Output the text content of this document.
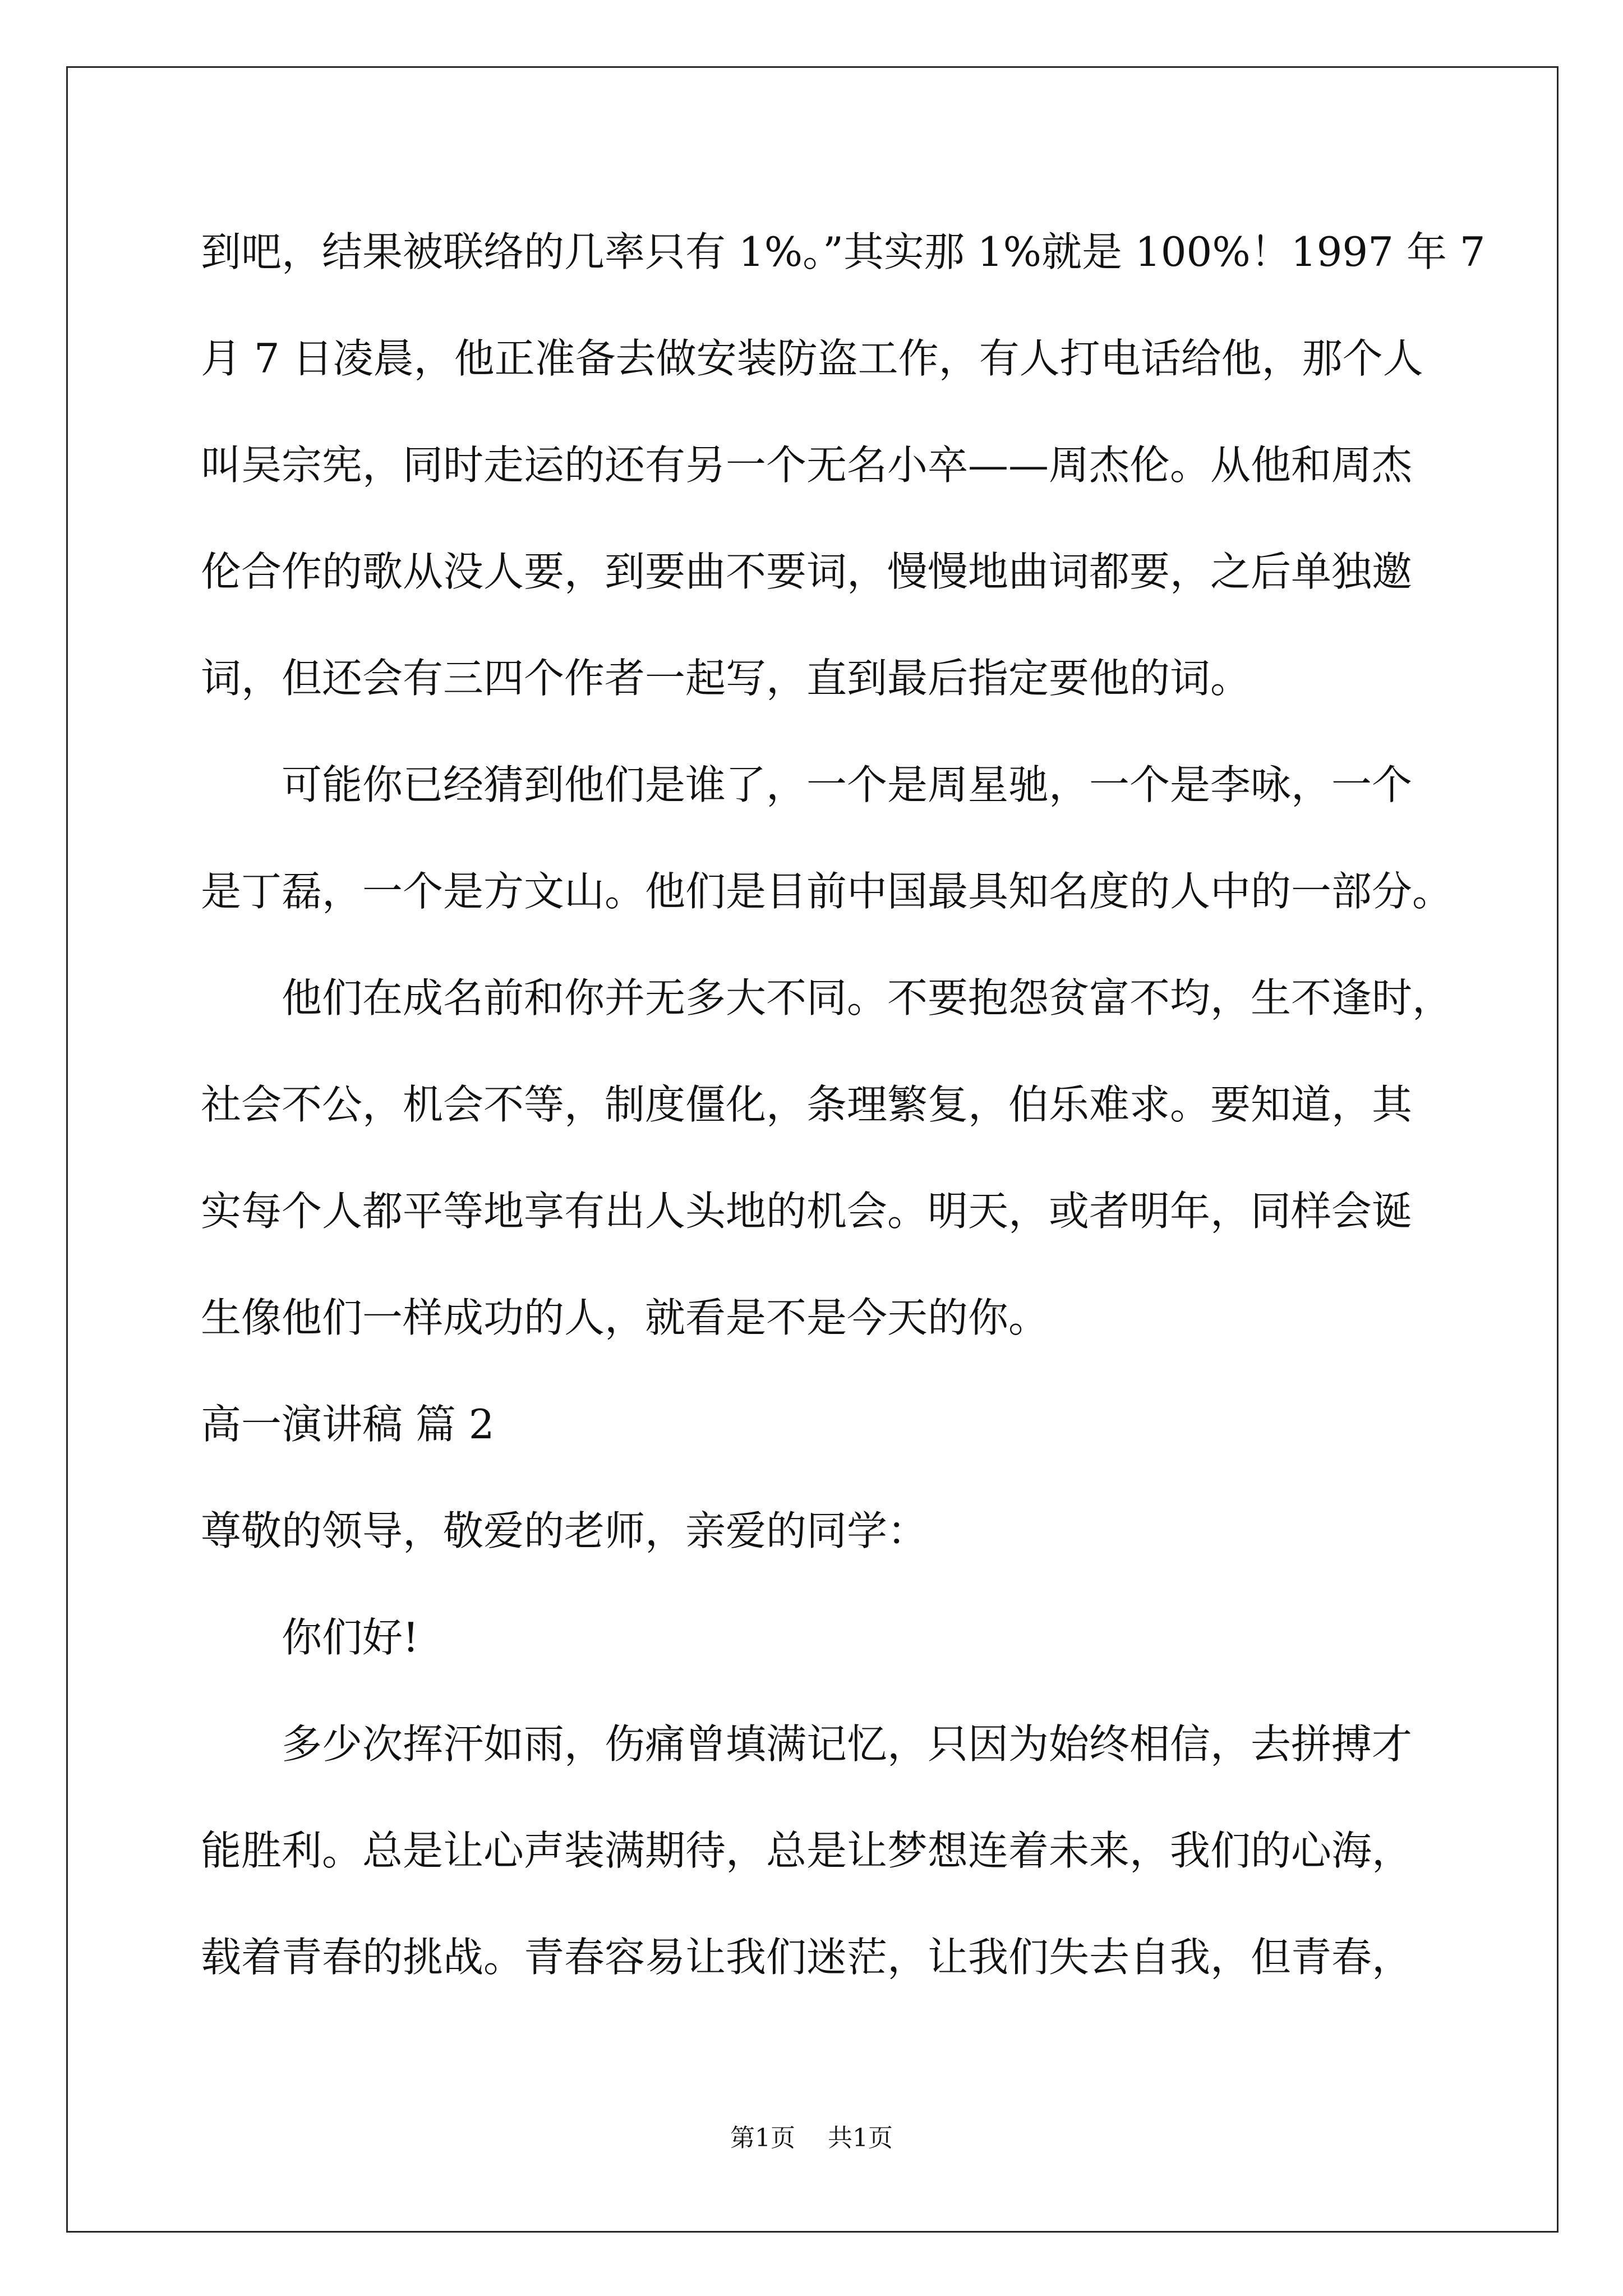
到吧，结果被联络的几率只有 1%。”其实那 1%就是 100%！1997 年 7
月 7 日凌晨，他正准备去做安装防盗工作，有人打电话给他，那个人
叫吴宗宪，同时走运的还有另一个无名小卒——周杰伦。从他和周杰
伦合作的歌从没人要，到要曲不要词，慢慢地曲词都要，之后单独邀
词，但还会有三四个作者一起写，直到最后指定要他的词。
可能你已经猜到他们是谁了，一个是周星驰，一个是李咏，一个
是丁磊，一个是方文山。他们是目前中国最具知名度的人中的一部分。
他们在成名前和你并无多大不同。不要抱怨贫富不均，生不逢时，
社会不公，机会不等，制度僵化，条理繁复，伯乐难求。要知道，其
实每个人都平等地享有出人头地的机会。明天，或者明年，同样会诞
生像他们一样成功的人，就看是不是今天的你。
高一演讲稿 篇 2
尊敬的领导，敬爱的老师，亲爱的同学：
你们好!
多少次挥汗如雨，伤痛曾填满记忆，只因为始终相信，去拼搏才
能胜利。总是让心声装满期待，总是让梦想连着未来，我们的心海，
载着青春的挑战。青春容易让我们迷茫，让我们失去自我，但青春，
第1页 共1页
